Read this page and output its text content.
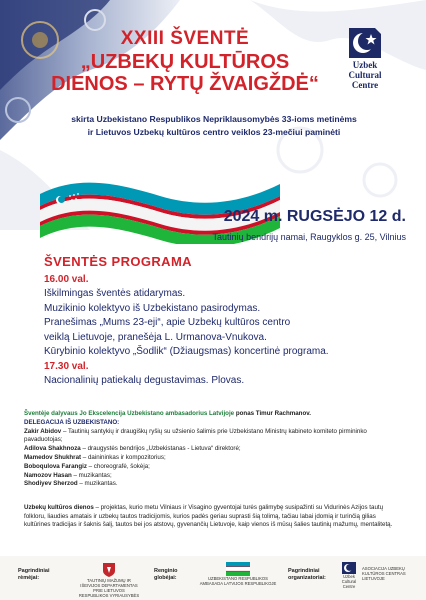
Uzbek
Cultural
Centre
XXIII ŠVENTĖ
„UZBEKŲ KULTŪROS
DIENOS – RYTŲ ŽVAIGŽDĖ“
skirta Uzbekistano Respublikos Nepriklausomybės 33-ioms metinėms
ir Lietuvos Uzbekų kultūros centro veiklos 23-mečiui paminėti
2024 m. RUGSĖJO 12 d.
Tautinių bendrijų namai, Raugyklos g. 25, Vilnius
ŠVENTĖS PROGRAMA
16.00 val.
Iškilmingas šventės atidarymas.
Muzikinio kolektyvo iš Uzbekistano pasirodymas.
Pranešimas „Mums 23-eji“, apie Uzbekų kultūros centro
veiklą Lietuvoje, pranešėja L. Urmanova-Vnukova.
Kūrybinio kolektyvo „Šodlik“ (Džiaugsmas) koncertinė programa.
17.30 val.
Nacionalinių patiekalų degustavimas. Plovas.
Šventėje dalyvaus Jo Ekscelencija Uzbekistano ambasadorius Latvijoje ponas Timur Rachmanov.
DELEGACIJA IŠ UZBEKISTANO:
Zakir Abidov – Tautinių santykių ir draugiškų ryšių su užsienio šalimis prie Uzbekistano Ministrų kabineto komiteto pirmininko pavaduotojas;
Adilova Shakhnoza – draugystės bendrijos „Uzbekistanas - Lietuva“ direktorė;
Mamedov Shukhrat – dainininkas ir kompozitorius;
Boboqulova Farangiz – choreografė, šokėja;
Namozov Hasan – muzikantas;
Shodiyev Sherzod – muzikantas.
Uzbekų kultūros dienos – projektas, kurio metu Vilniaus ir Visagino gyventojai turės galimybę susipažinti su Vidurinės Azijos tautų folkloru, liaudies amatais ir uzbekų tautos tradicijomis, kurios padės geriau suprasti šią tolimą, tačiau labai įdomią ir turinčią gilias kultūrines tradicijas ir šaknis šalį, tautos bei jos atstovų, gyvenančių Lietuvoje, kaip vienos iš mūsų šalies tautinių mažumų, mentalitetą.
Pagrindiniai
rėmėjai:	TAUTINIŲ MAŽUMŲ IR IŠEIVIJOS DEPARTAMENTAS PRIE LIETUVOS RESPUBLIKOS VYRIAUSYBĖS
Renginio
globėjai:	UZBEKISTANO RESPUBLIKOS AMBASADA LATVIJOS RESPUBLIKOJE
Pagrindiniai
organizatoriai:	Uzbek Cultural Centre
ASOCIACIJA UZBEKŲ KULTŪROS CENTRAS LIETUVOJE
